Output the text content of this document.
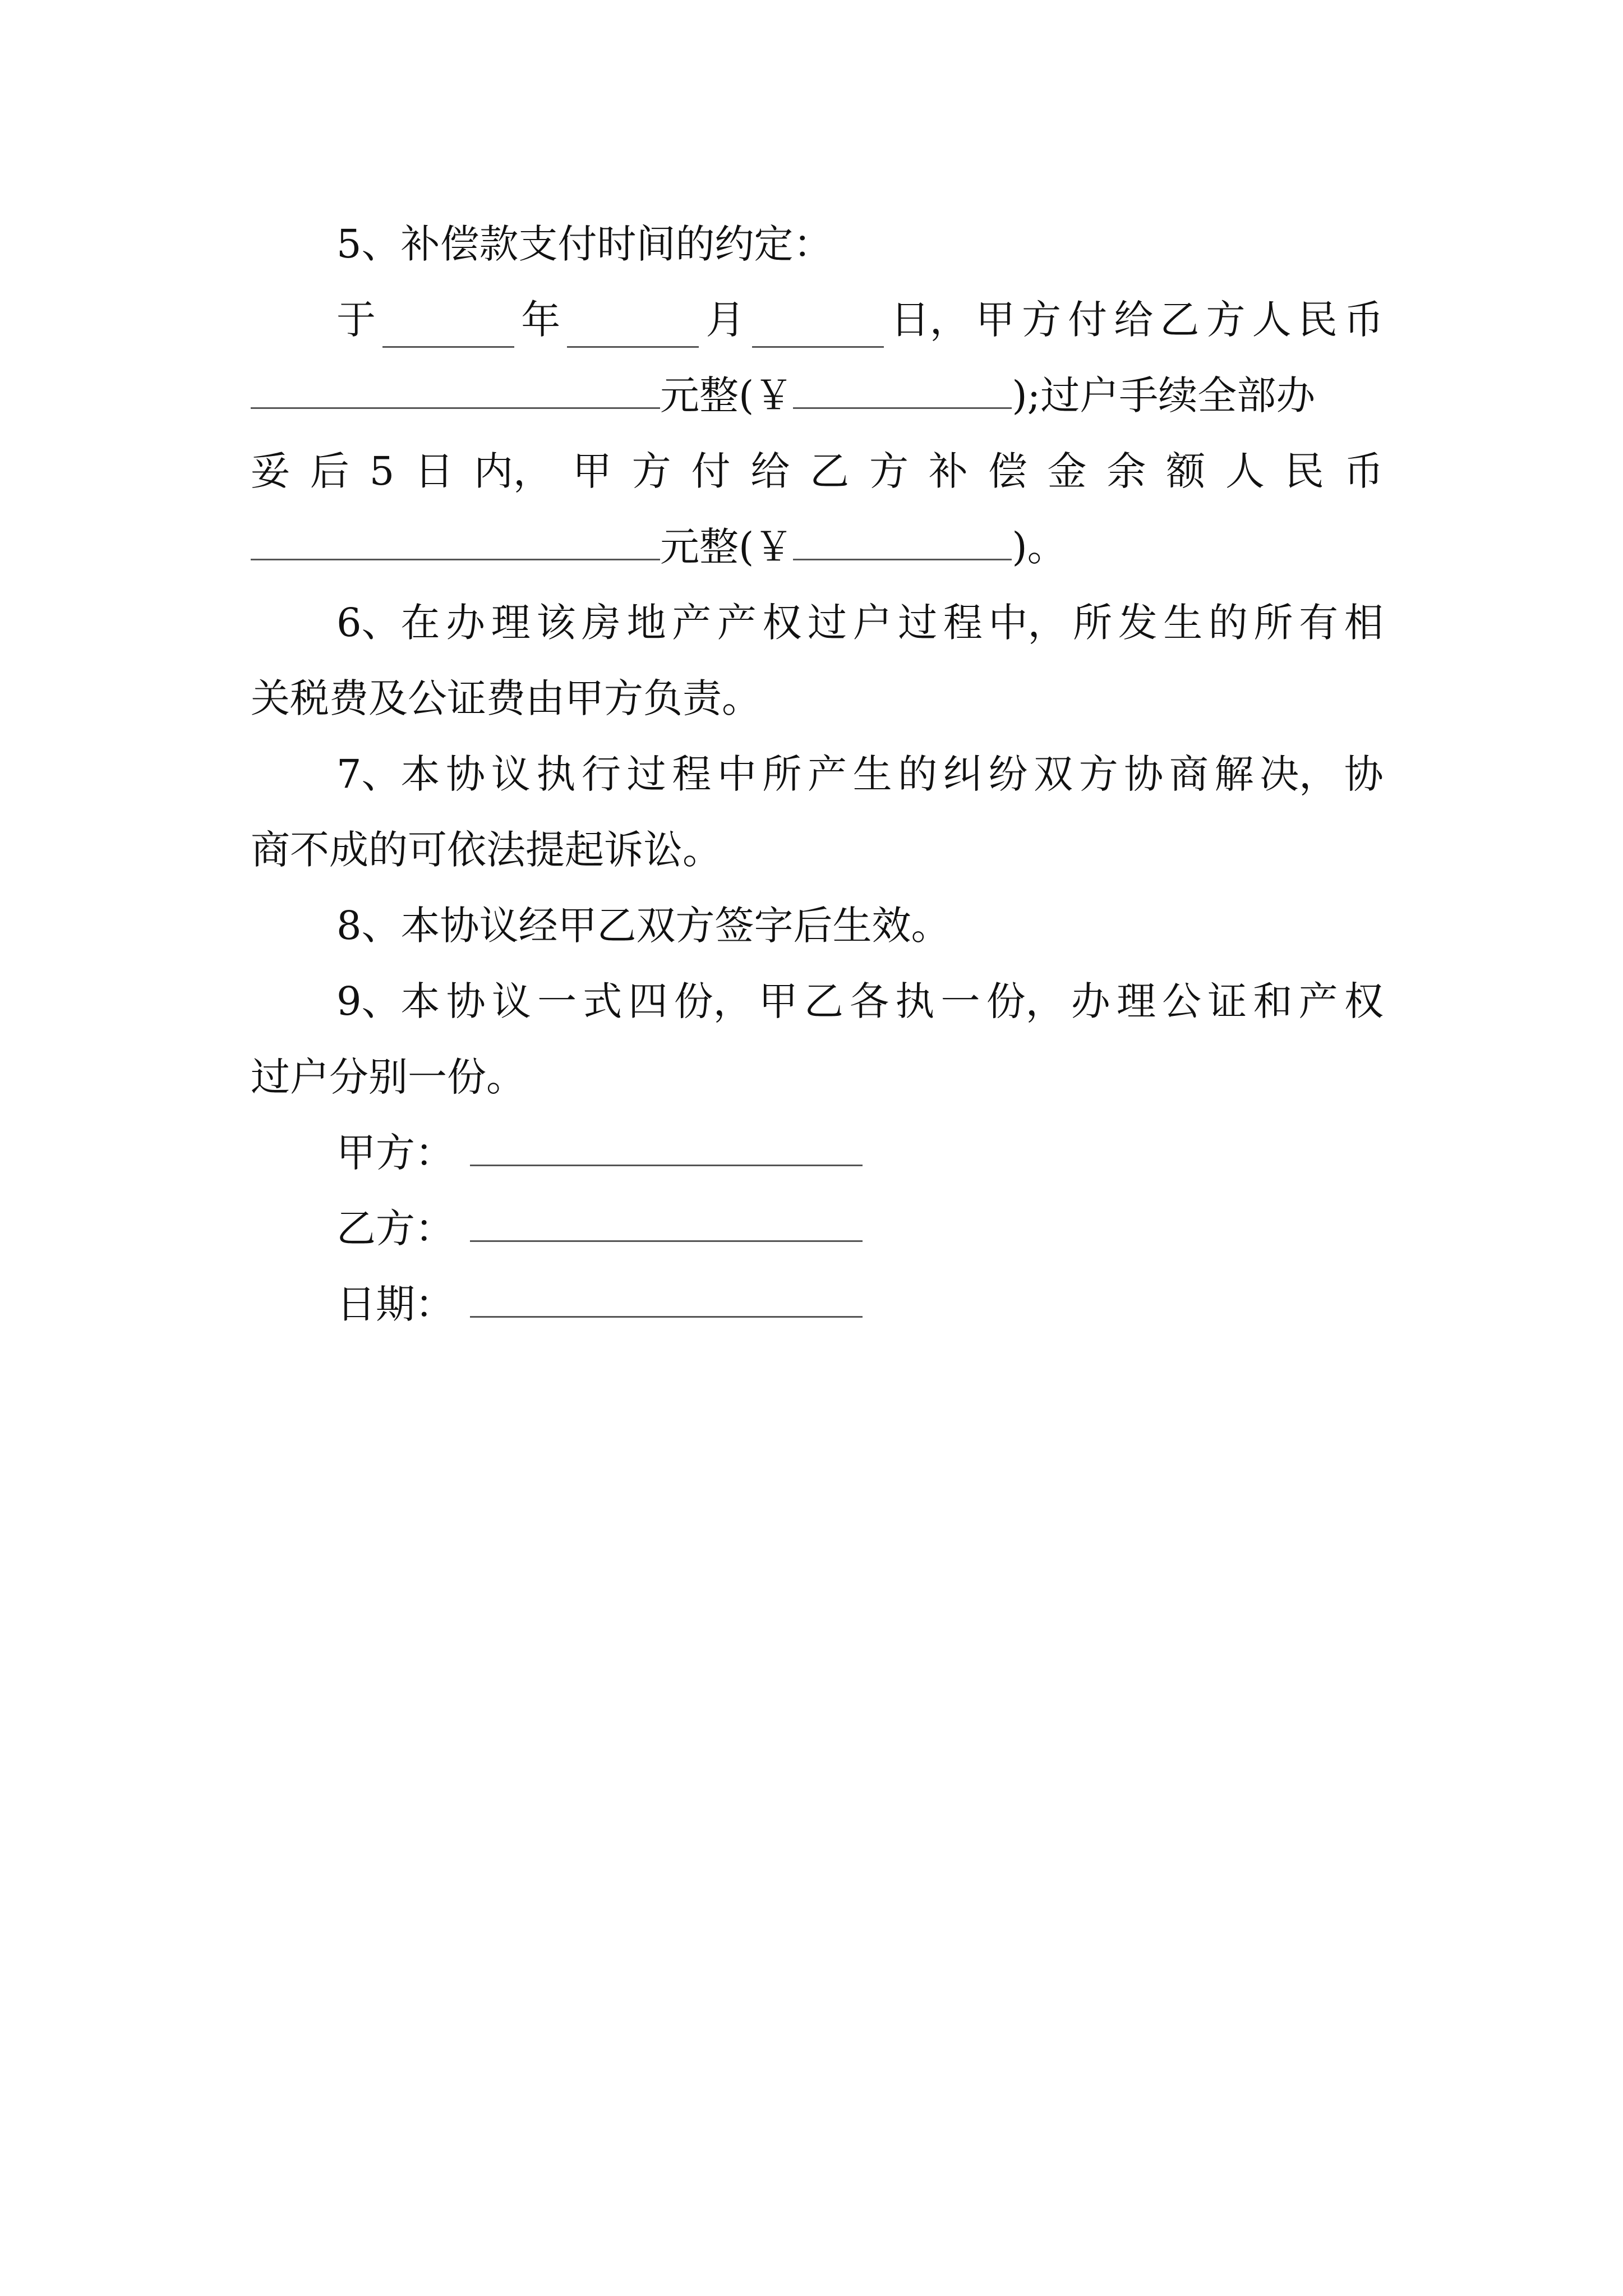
5、补偿款支付时间的约定：
于	年	月	日， 甲 方 付 给 乙 方 人 民 币
元整(￥	);过户手续全部办
妥 后 5 日 内， 甲 方 付 给 乙 方 补 偿 金 余 额 人 民 币
元整(￥	)。
6、在 办 理 该 房 地 产 产 权 过 户 过 程 中， 所 发 生 的 所 有 相
关税费及公证费由甲方负责。
7、本 协 议 执 行 过 程 中 所 产 生 的 纠 纷 双 方 协 商 解 决， 协
商不成的可依法提起诉讼。
8、本协议经甲乙双方签字后生效。
9、本 协 议 一 式 四 份， 甲 乙 各 执 一 份， 办 理 公 证 和 产 权
过户分别一份。
甲方：
乙方：
日期：
